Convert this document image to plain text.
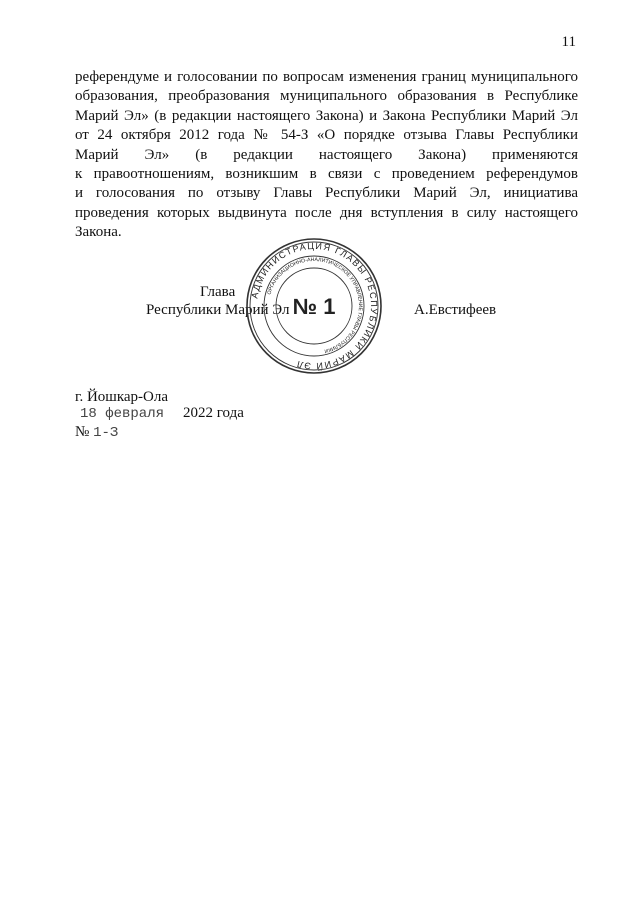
11
референдуме и голосовании по вопросам изменения границ муниципального
образования, преобразования муниципального образования в Республике
Марий Эл» (в редакции настоящего Закона) и Закона Республики Марий Эл
от 24 октября 2012 года № 54-З «О порядке отзыва Главы Республики
Марий Эл» (в редакции настоящего Закона) применяются
к правоотношениям, возникшим в связи с проведением референдумов
и голосования по отзыву Главы Республики Марий Эл, инициатива
проведения которых выдвинута после дня вступления в силу настоящего
Закона.
Глава
Республики Марий Эл	А.Евстифеев
АДМИНИСТРАЦИЯ ГЛАВЫ РЕСПУБЛИКИ МАРИЙ ЭЛ
ОРГАНИЗАЦИОННО-АНАЛИТИЧЕСКОЕ УПРАВЛЕНИЕ ГЛАВЫ РЕСПУБЛИКИ
№ 1
г. Йошкар-Ола
18 февраля 2022 года
№ 1-З
